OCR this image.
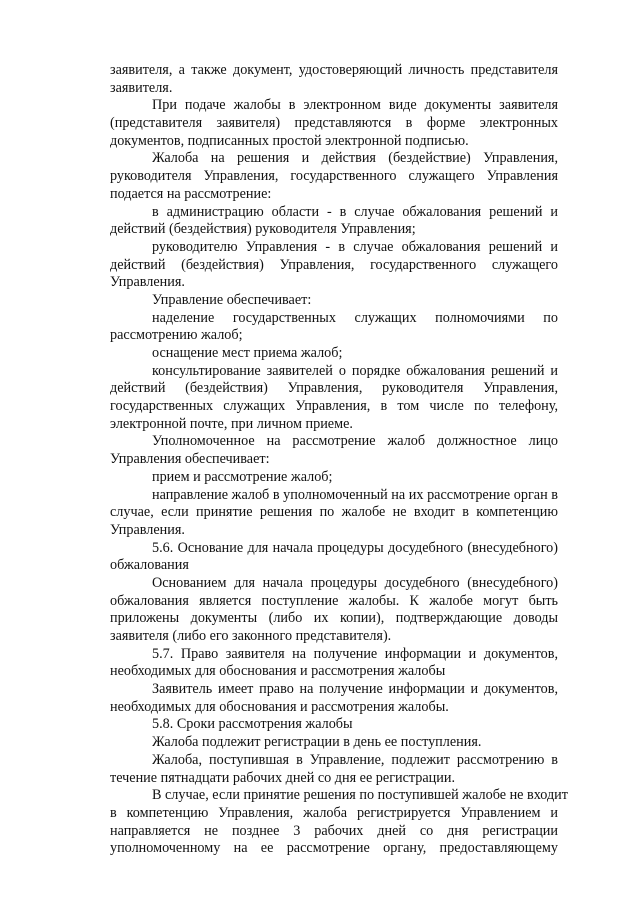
заявителя, а также документ, удостоверяющий личность представителя
заявителя.
При подаче жалобы в электронном виде документы заявителя
(представителя заявителя) представляются в форме электронных
документов, подписанных простой электронной подписью.
Жалоба на решения и действия (бездействие) Управления,
руководителя Управления, государственного служащего Управления
подается на рассмотрение:
в администрацию области - в случае обжалования решений и
действий (бездействия) руководителя Управления;
руководителю Управления - в случае обжалования решений и
действий (бездействия) Управления, государственного служащего
Управления.
Управление обеспечивает:
наделение государственных служащих полномочиями по
рассмотрению жалоб;
оснащение мест приема жалоб;
консультирование заявителей о порядке обжалования решений и
действий (бездействия) Управления, руководителя Управления,
государственных служащих Управления, в том числе по телефону,
электронной почте, при личном приеме.
Уполномоченное на рассмотрение жалоб должностное лицо
Управления обеспечивает:
прием и рассмотрение жалоб;
направление жалоб в уполномоченный на их рассмотрение орган в
случае, если принятие решения по жалобе не входит в компетенцию
Управления.
5.6. Основание для начала процедуры досудебного (внесудебного)
обжалования
Основанием для начала процедуры досудебного (внесудебного)
обжалования является поступление жалобы. К жалобе могут быть
приложены документы (либо их копии), подтверждающие доводы
заявителя (либо его законного представителя).
5.7. Право заявителя на получение информации и документов,
необходимых для обоснования и рассмотрения жалобы
Заявитель имеет право на получение информации и документов,
необходимых для обоснования и рассмотрения жалобы.
5.8. Сроки рассмотрения жалобы
Жалоба подлежит регистрации в день ее поступления.
Жалоба, поступившая в Управление, подлежит рассмотрению в
течение пятнадцати рабочих дней со дня ее регистрации.
В случае, если принятие решения по поступившей жалобе не входит
в компетенцию Управления, жалоба регистрируется Управлением и
направляется не позднее 3 рабочих дней со дня регистрации
уполномоченному на ее рассмотрение органу, предоставляющему
